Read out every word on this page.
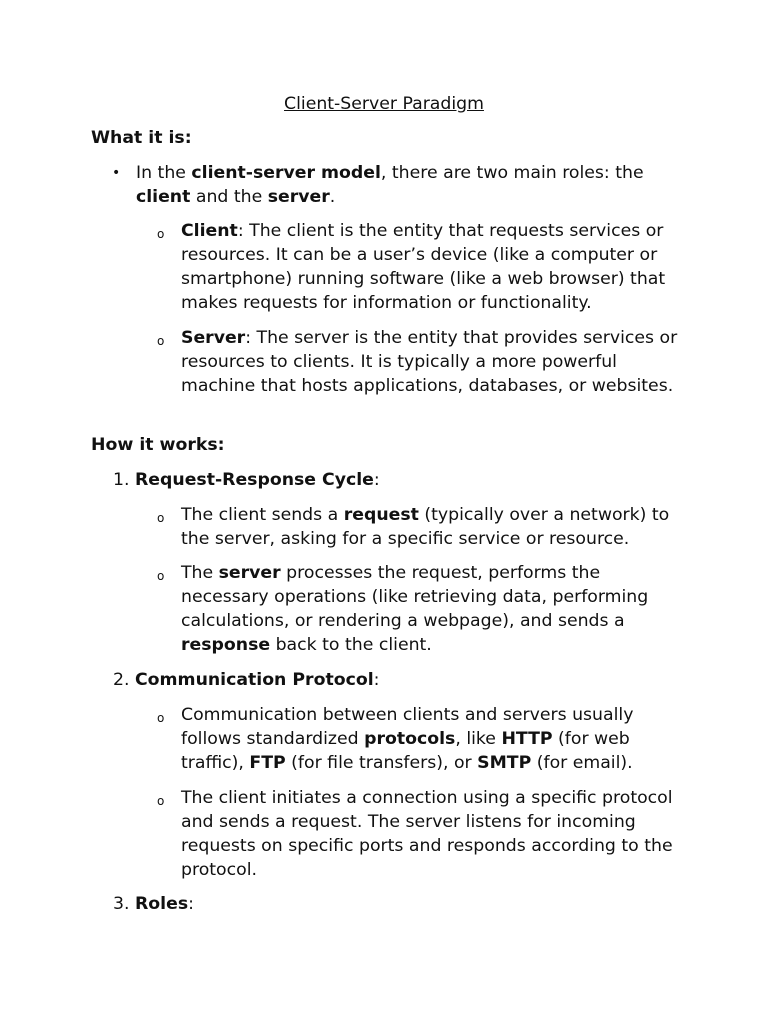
Client-Server Paradigm
What it is:
• In the client-server model, there are two main roles: the client and the server.
o Client: The client is the entity that requests services or resources. It can be a user’s device (like a computer or smartphone) running software (like a web browser) that makes requests for information or functionality.
o Server: The server is the entity that provides services or resources to clients. It is typically a more powerful machine that hosts applications, databases, or websites.
How it works:
1. Request-Response Cycle:
o The client sends a request (typically over a network) to the server, asking for a specific service or resource.
o The server processes the request, performs the necessary operations (like retrieving data, performing calculations, or rendering a webpage), and sends a response back to the client.
2. Communication Protocol:
o Communication between clients and servers usually follows standardized protocols, like HTTP (for web traffic), FTP (for file transfers), or SMTP (for email).
o The client initiates a connection using a specific protocol and sends a request. The server listens for incoming requests on specific ports and responds according to the protocol.
3. Roles:
